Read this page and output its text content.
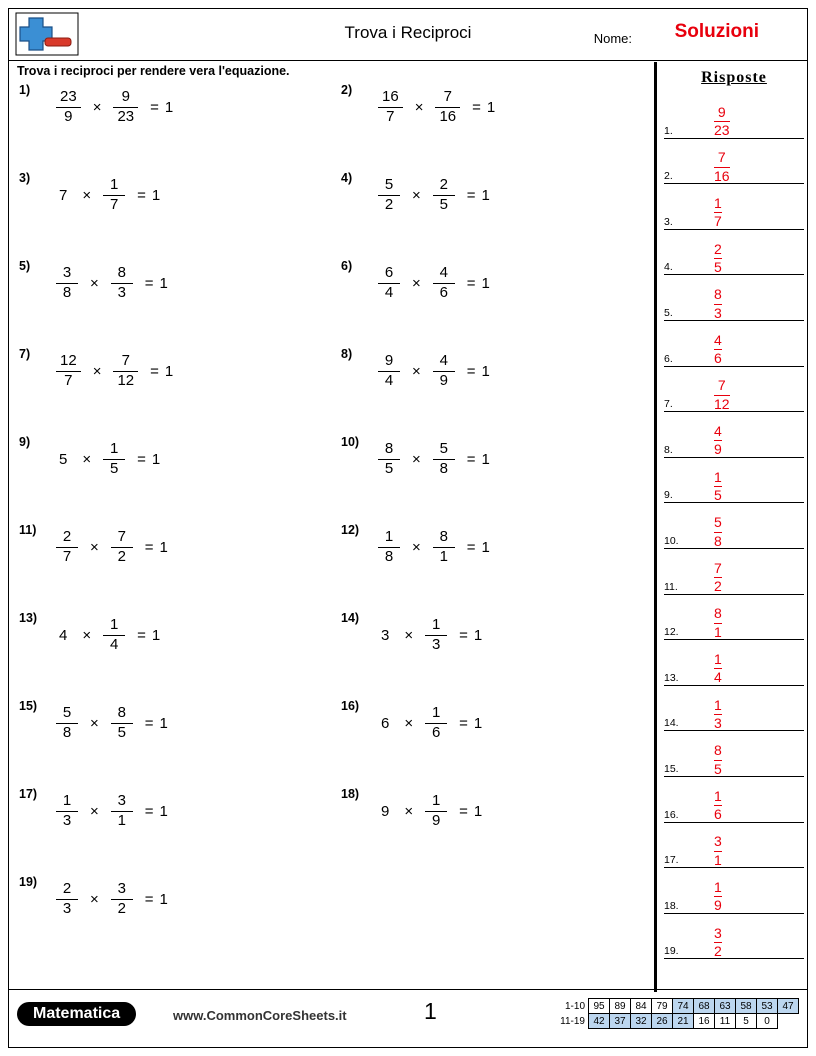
Trova i Reciproci	Nome: Soluzioni
Trova i reciproci per rendere vera l'equazione.
$1) \frac{23}{9} \times \frac{9}{23} = 1$
$2) \frac{16}{7} \times \frac{7}{16} = 1$
3)
$7 \times \frac{1}{7} = 1$
$4) \frac{5}{2} \times \frac{2}{5} = 1$
$5) \frac{3}{8} \times \frac{8}{3} = 1$
$6) \frac{6}{4} \times \frac{4}{6} = 1$
$7) \frac{12}{7} \times \frac{7}{12} = 1$
$8) \frac{9}{4} \times \frac{4}{9} = 1$
9)
$5 \times \frac{1}{5} = 1$
$10) \frac{8}{5} \times \frac{5}{8} = 1$
$11) \frac{2}{7} \times \frac{7}{2} = 1$
$12) \frac{1}{8} \times \frac{8}{1} = 1$
13)
$4 \times \frac{1}{4} = 1$
14)
$3 \times \frac{1}{3} = 1$
$15) \frac{5}{8} \times \frac{8}{5} = 1$
16)
$6 \times \frac{1}{6} = 1$
$17) \frac{1}{3} \times \frac{3}{1} = 1$
18)
$9 \times \frac{1}{9} = 1$
$19) \frac{2}{3} \times \frac{3}{2} = 1$
Risposte
1.
9
23
2.
7
16
3.
1
7
4.
2
5
5.
8
3
6.
4
6
7.
7
12
8.
4
9
9.
1
5
10.
5
8
11.
7
2
12.
8
1
13.
1
4
14.
1
3
15.
8
5
16.
1
6
17.
3
1
18.
1
9
19.
3
2
Matematica	www.CommonCoreSheets.it	1	1-10	95	89	84	79	74	68	63	58	53	47
11-19	42	37	32	26	21	16	11	5	0	
